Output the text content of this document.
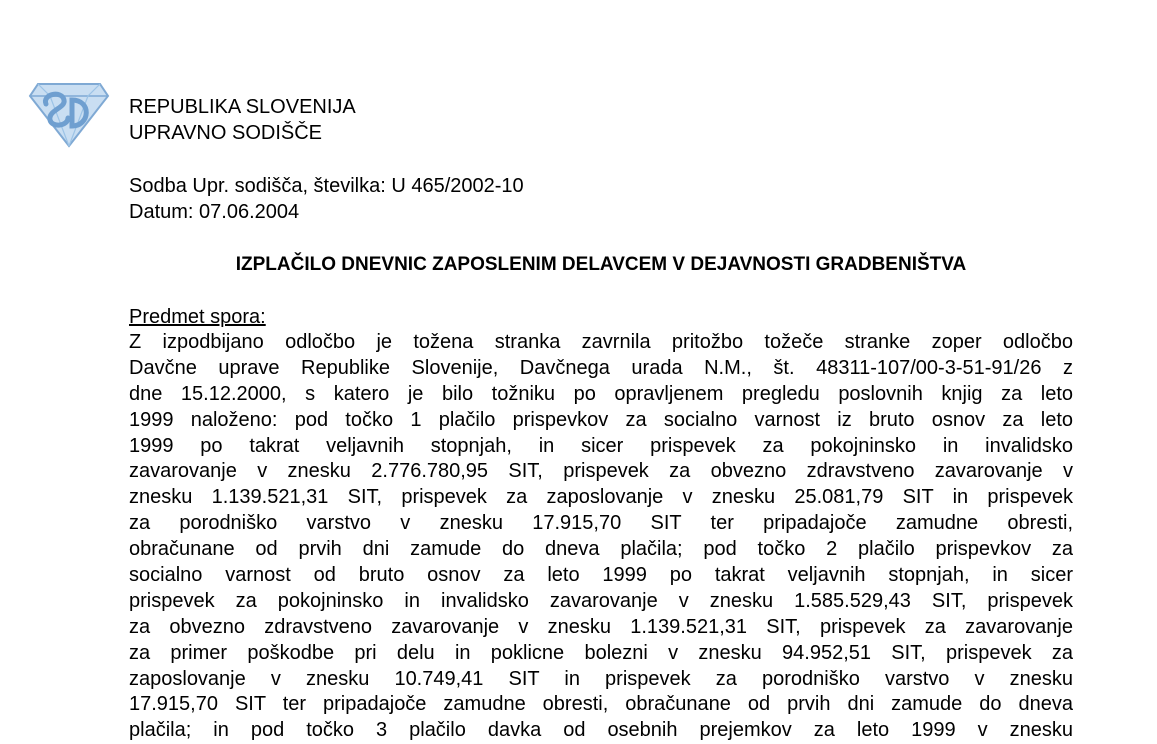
REPUBLIKA SLOVENIJA
UPRAVNO SODIŠČE
Sodba Upr. sodišča, številka: U 465/2002-10
Datum: 07.06.2004
IZPLAČILO DNEVNIC ZAPOSLENIM DELAVCEM V DEJAVNOSTI GRADBENIŠTVA
Predmet spora:
Z izpodbijano odločbo je tožena stranka zavrnila pritožbo tožeče stranke zoper odločbo
Davčne uprave Republike Slovenije, Davčnega urada N.M., št. 48311-107/00-3-51-91/26 z
dne 15.12.2000, s katero je bilo tožniku po opravljenem pregledu poslovnih knjig za leto
1999 naloženo: pod točko 1 plačilo prispevkov za socialno varnost iz bruto osnov za leto
1999 po takrat veljavnih stopnjah, in sicer prispevek za pokojninsko in invalidsko
zavarovanje v znesku 2.776.780,95 SIT, prispevek za obvezno zdravstveno zavarovanje v
znesku 1.139.521,31 SIT, prispevek za zaposlovanje v znesku 25.081,79 SIT in prispevek
za porodniško varstvo v znesku 17.915,70 SIT ter pripadajoče zamudne obresti,
obračunane od prvih dni zamude do dneva plačila; pod točko 2 plačilo prispevkov za
socialno varnost od bruto osnov za leto 1999 po takrat veljavnih stopnjah, in sicer
prispevek za pokojninsko in invalidsko zavarovanje v znesku 1.585.529,43 SIT, prispevek
za obvezno zdravstveno zavarovanje v znesku 1.139.521,31 SIT, prispevek za zavarovanje
za primer poškodbe pri delu in poklicne bolezni v znesku 94.952,51 SIT, prispevek za
zaposlovanje v znesku 10.749,41 SIT in prispevek za porodniško varstvo v znesku
17.915,70 SIT ter pripadajoče zamudne obresti, obračunane od prvih dni zamude do dneva
plačila; in pod točko 3 plačilo davka od osebnih prejemkov za leto 1999 v znesku
